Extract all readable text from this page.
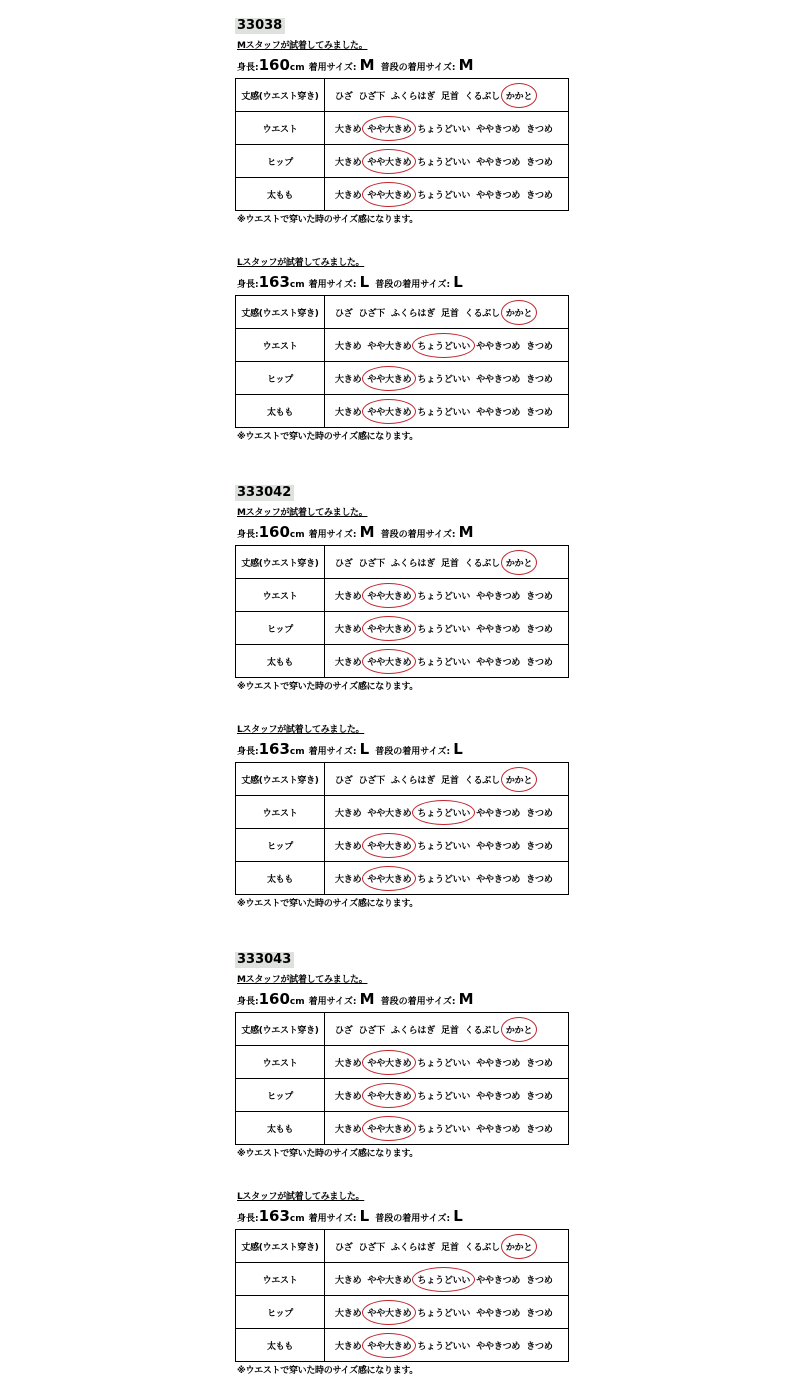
33038
Mスタッフが試着してみました。
身長:160cm 着用サイズ: M 普段の着用サイズ: M
丈感(ウエスト穿き)	ひざ ひざ下 ふくらはぎ 足首 くるぶし かかと
ウエスト	大きめ やや大きめ ちょうどいい ややきつめ きつめ
ヒップ	大きめ やや大きめ ちょうどいい ややきつめ きつめ
太もも	大きめ やや大きめ ちょうどいい ややきつめ きつめ
※ウエストで穿いた時のサイズ感になります。
Lスタッフが試着してみました。
身長:163cm 着用サイズ: L 普段の着用サイズ: L
丈感(ウエスト穿き)	ひざ ひざ下 ふくらはぎ 足首 くるぶし かかと
ウエスト	大きめ やや大きめ ちょうどいい ややきつめ きつめ
ヒップ	大きめ やや大きめ ちょうどいい ややきつめ きつめ
太もも	大きめ やや大きめ ちょうどいい ややきつめ きつめ
※ウエストで穿いた時のサイズ感になります。
333042
Mスタッフが試着してみました。
身長:160cm 着用サイズ: M 普段の着用サイズ: M
丈感(ウエスト穿き)	ひざ ひざ下 ふくらはぎ 足首 くるぶし かかと
ウエスト	大きめ やや大きめ ちょうどいい ややきつめ きつめ
ヒップ	大きめ やや大きめ ちょうどいい ややきつめ きつめ
太もも	大きめ やや大きめ ちょうどいい ややきつめ きつめ
※ウエストで穿いた時のサイズ感になります。
Lスタッフが試着してみました。
身長:163cm 着用サイズ: L 普段の着用サイズ: L
丈感(ウエスト穿き)	ひざ ひざ下 ふくらはぎ 足首 くるぶし かかと
ウエスト	大きめ やや大きめ ちょうどいい ややきつめ きつめ
ヒップ	大きめ やや大きめ ちょうどいい ややきつめ きつめ
太もも	大きめ やや大きめ ちょうどいい ややきつめ きつめ
※ウエストで穿いた時のサイズ感になります。
333043
Mスタッフが試着してみました。
身長:160cm 着用サイズ: M 普段の着用サイズ: M
丈感(ウエスト穿き)	ひざ ひざ下 ふくらはぎ 足首 くるぶし かかと
ウエスト	大きめ やや大きめ ちょうどいい ややきつめ きつめ
ヒップ	大きめ やや大きめ ちょうどいい ややきつめ きつめ
太もも	大きめ やや大きめ ちょうどいい ややきつめ きつめ
※ウエストで穿いた時のサイズ感になります。
Lスタッフが試着してみました。
身長:163cm 着用サイズ: L 普段の着用サイズ: L
丈感(ウエスト穿き)	ひざ ひざ下 ふくらはぎ 足首 くるぶし かかと
ウエスト	大きめ やや大きめ ちょうどいい ややきつめ きつめ
ヒップ	大きめ やや大きめ ちょうどいい ややきつめ きつめ
太もも	大きめ やや大きめ ちょうどいい ややきつめ きつめ
※ウエストで穿いた時のサイズ感になります。
